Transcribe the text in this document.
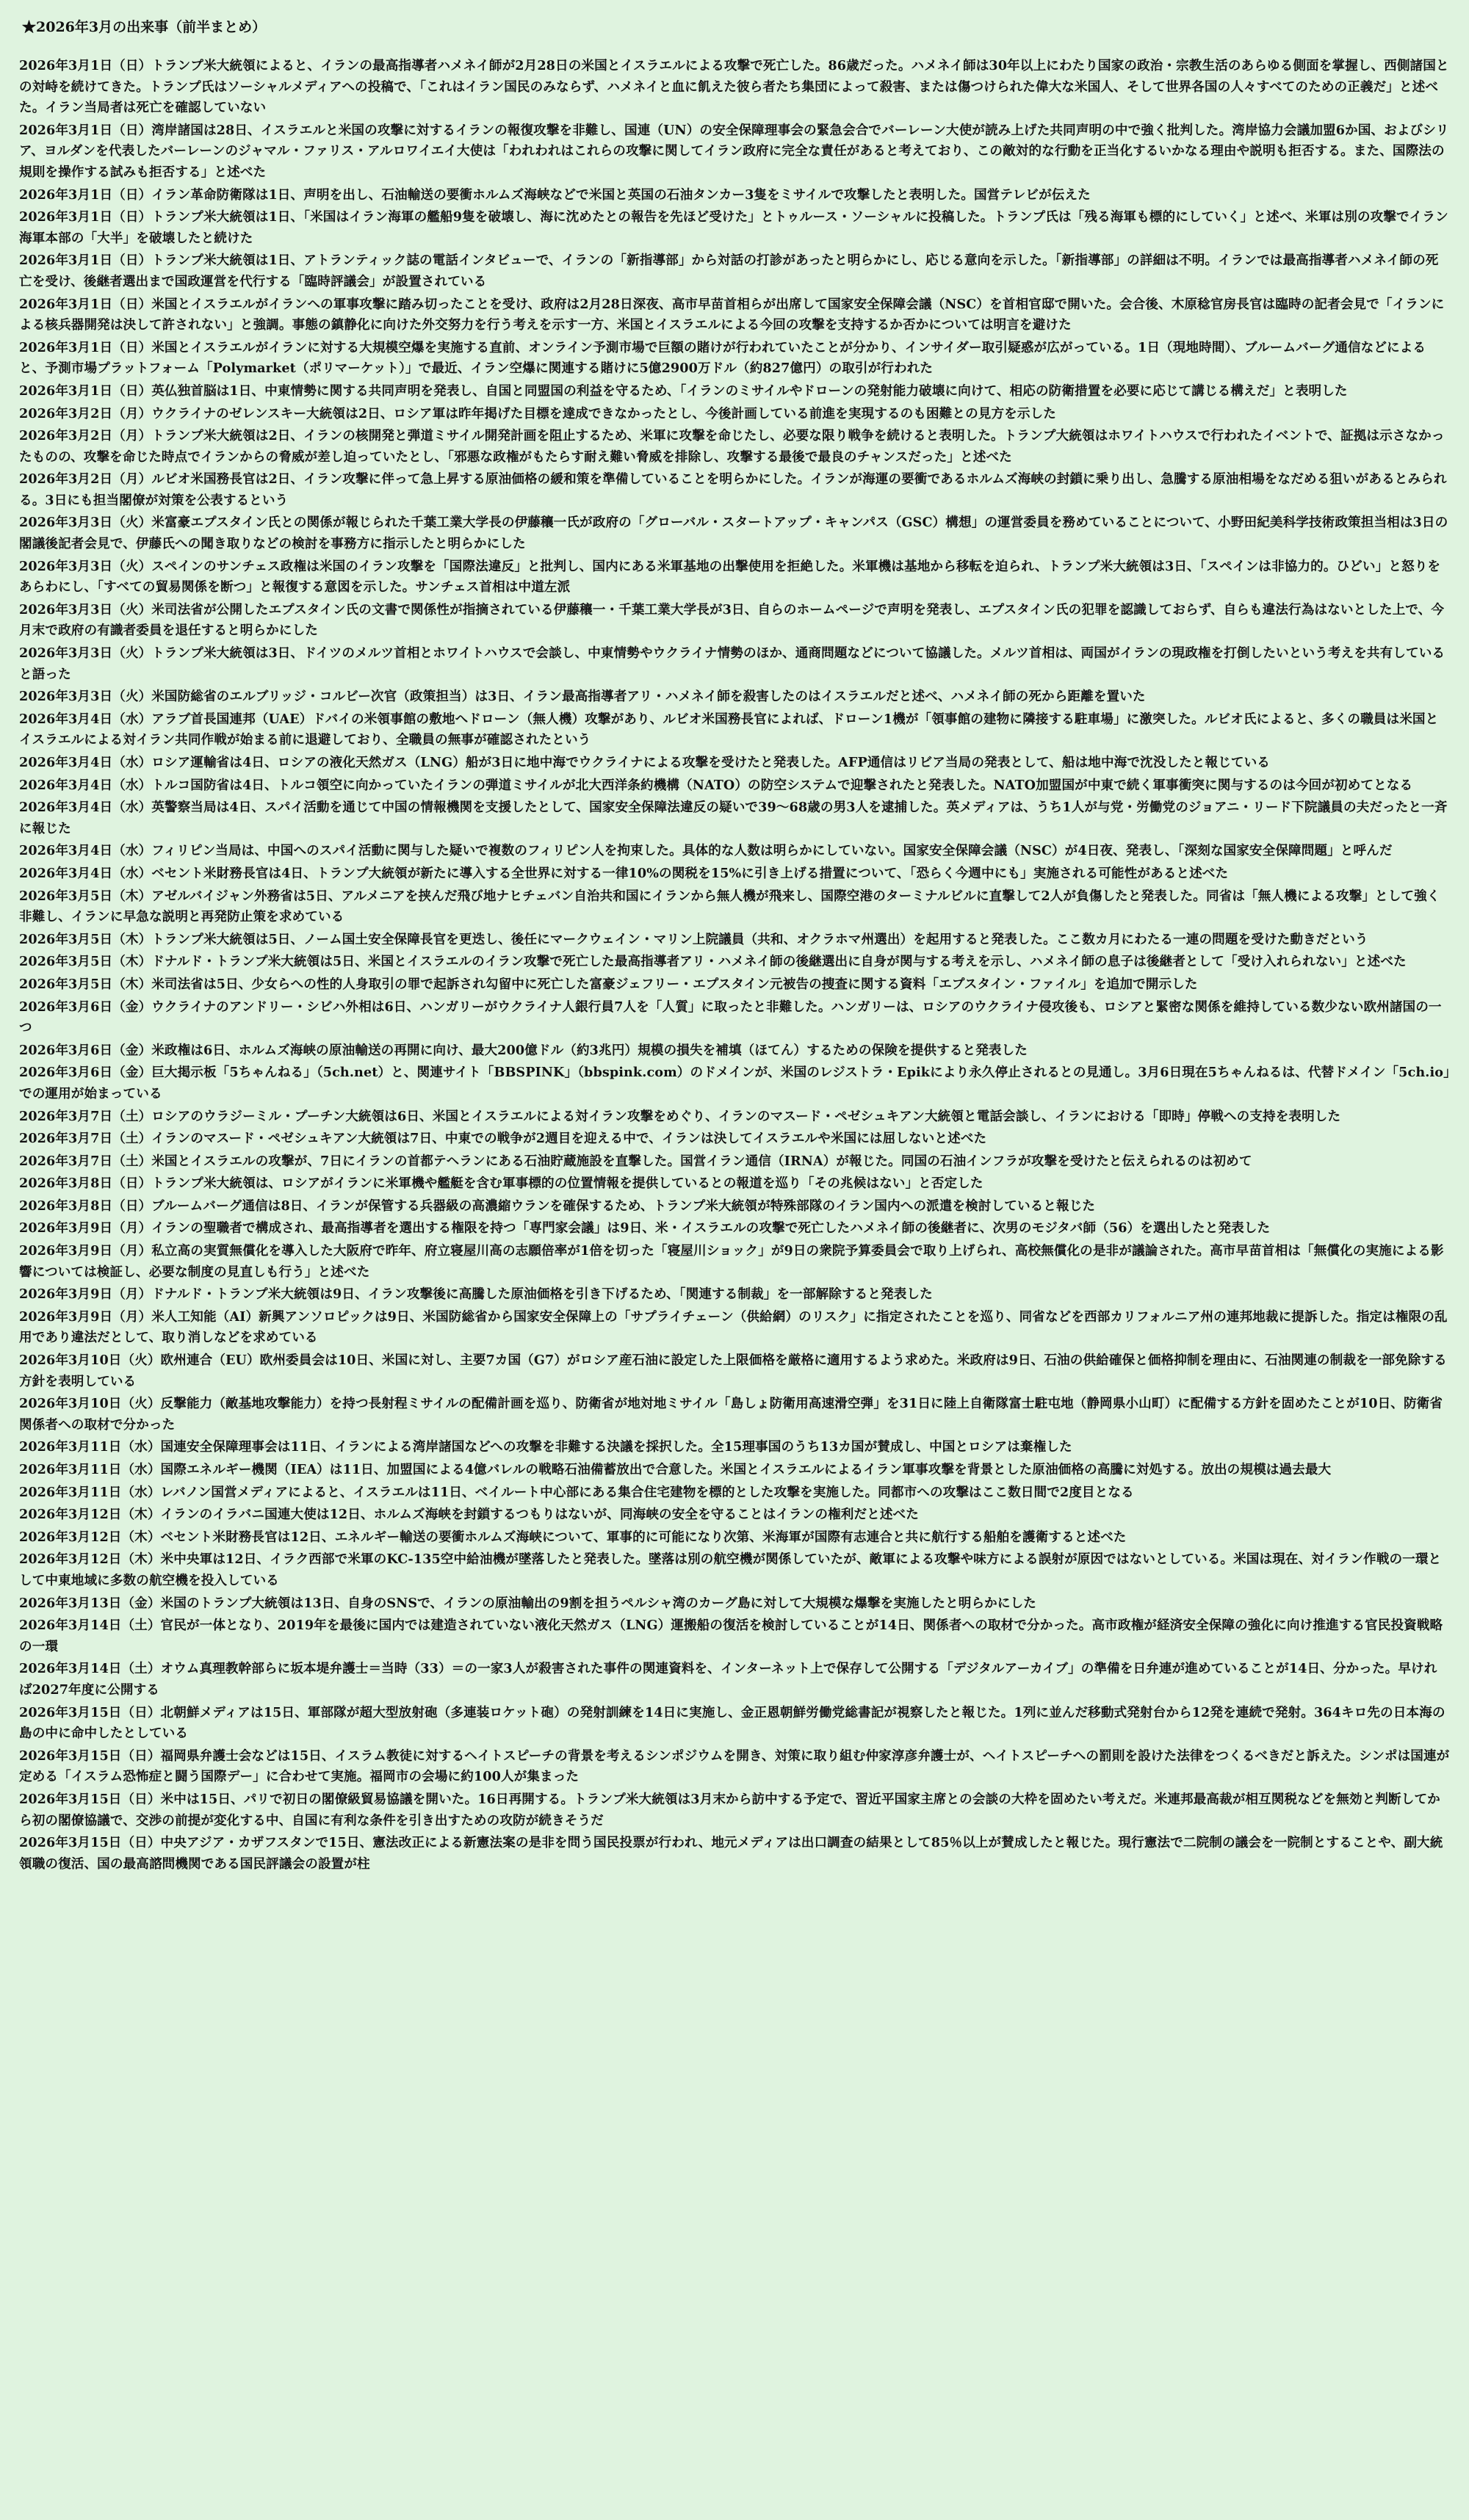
★2026年3月の出来事（前半まとめ）
2026年3月1日（日）トランプ米大統領によると、イランの最高指導者ハメネイ師が2月28日の米国とイスラエルによる攻撃で死亡した。86歳だった。ハメネイ師は30年以上にわたり国家の政治・宗教生活のあらゆる側面を掌握し、西側諸国との対峙を続けてきた。トランプ氏はソーシャルメディアへの投稿で、「これはイラン国民のみならず、ハメネイと血に飢えた彼ら者たち集団によって殺害、または傷つけられた偉大な米国人、そして世界各国の人々すべてのための正義だ」と述べた。イラン当局者は死亡を確認していない
2026年3月1日（日）湾岸諸国は28日、イスラエルと米国の攻撃に対するイランの報復攻撃を非難し、国連（UN）の安全保障理事会の緊急会合でバーレーン大使が読み上げた共同声明の中で強く批判した。湾岸協力会議加盟6か国、およびシリア、ヨルダンを代表したバーレーンのジャマル・ファリス・アルロワイエイ大使は「われわれはこれらの攻撃に関してイラン政府に完全な責任があると考えており、この敵対的な行動を正当化するいかなる理由や説明も拒否する。また、国際法の規則を操作する試みも拒否する」と述べた
2026年3月1日（日）イラン革命防衛隊は1日、声明を出し、石油輸送の要衝ホルムズ海峡などで米国と英国の石油タンカー3隻をミサイルで攻撃したと表明した。国営テレビが伝えた
2026年3月1日（日）トランプ米大統領は1日、「米国はイラン海軍の艦船9隻を破壊し、海に沈めたとの報告を先ほど受けた」とトゥルース・ソーシャルに投稿した。トランプ氏は「残る海軍も標的にしていく」と述べ、米軍は別の攻撃でイラン海軍本部の「大半」を破壊したと続けた
2026年3月1日（日）トランプ米大統領は1日、アトランティック誌の電話インタビューで、イランの「新指導部」から対話の打診があったと明らかにし、応じる意向を示した。「新指導部」の詳細は不明。イランでは最高指導者ハメネイ師の死亡を受け、後継者選出まで国政運営を代行する「臨時評議会」が設置されている
2026年3月1日（日）米国とイスラエルがイランへの軍事攻撃に踏み切ったことを受け、政府は2月28日深夜、高市早苗首相らが出席して国家安全保障会議（NSC）を首相官邸で開いた。会合後、木原稔官房長官は臨時の記者会見で「イランによる核兵器開発は決して許されない」と強調。事態の鎮静化に向けた外交努力を行う考えを示す一方、米国とイスラエルによる今回の攻撃を支持するか否かについては明言を避けた
2026年3月1日（日）米国とイスラエルがイランに対する大規模空爆を実施する直前、オンライン予測市場で巨額の賭けが行われていたことが分かり、インサイダー取引疑惑が広がっている。1日（現地時間）、ブルームバーグ通信などによると、予測市場プラットフォーム「Polymarket（ポリマーケット）」で最近、イラン空爆に関連する賭けに5億2900万ドル（約827億円）の取引が行われた
2026年3月1日（日）英仏独首脳は1日、中東情勢に関する共同声明を発表し、自国と同盟国の利益を守るため、「イランのミサイルやドローンの発射能力破壊に向けて、相応の防衛措置を必要に応じて講じる構えだ」と表明した
2026年3月2日（月）ウクライナのゼレンスキー大統領は2日、ロシア軍は昨年掲げた目標を達成できなかったとし、今後計画している前進を実現するのも困難との見方を示した
2026年3月2日（月）トランプ米大統領は2日、イランの核開発と弾道ミサイル開発計画を阻止するため、米軍に攻撃を命じたし、必要な限り戦争を続けると表明した。トランプ大統領はホワイトハウスで行われたイベントで、証拠は示さなかったものの、攻撃を命じた時点でイランからの脅威が差し迫っていたとし、「邪悪な政権がもたらす耐え難い脅威を排除し、攻撃する最後で最良のチャンスだった」と述べた
2026年3月2日（月）ルビオ米国務長官は2日、イラン攻撃に伴って急上昇する原油価格の緩和策を準備していることを明らかにした。イランが海運の要衝であるホルムズ海峡の封鎖に乗り出し、急騰する原油相場をなだめる狙いがあるとみられる。3日にも担当閣僚が対策を公表するという
2026年3月3日（火）米富豪エプスタイン氏との関係が報じられた千葉工業大学長の伊藤穰一氏が政府の「グローバル・スタートアップ・キャンパス（GSC）構想」の運営委員を務めていることについて、小野田紀美科学技術政策担当相は3日の閣議後記者会見で、伊藤氏への聞き取りなどの検討を事務方に指示したと明らかにした
2026年3月3日（火）スペインのサンチェス政権は米国のイラン攻撃を「国際法違反」と批判し、国内にある米軍基地の出撃使用を拒絶した。米軍機は基地から移転を迫られ、トランプ米大統領は3日、「スペインは非協力的。ひどい」と怒りをあらわにし、「すべての貿易関係を断つ」と報復する意図を示した。サンチェス首相は中道左派
2026年3月3日（火）米司法省が公開したエプスタイン氏の文書で関係性が指摘されている伊藤穰一・千葉工業大学長が3日、自らのホームページで声明を発表し、エプスタイン氏の犯罪を認識しておらず、自らも違法行為はないとした上で、今月末で政府の有識者委員を退任すると明らかにした
2026年3月3日（火）トランプ米大統領は3日、ドイツのメルツ首相とホワイトハウスで会談し、中東情勢やウクライナ情勢のほか、通商問題などについて協議した。メルツ首相は、両国がイランの現政権を打倒したいという考えを共有していると語った
2026年3月3日（火）米国防総省のエルブリッジ・コルビー次官（政策担当）は3日、イラン最高指導者アリ・ハメネイ師を殺害したのはイスラエルだと述べ、ハメネイ師の死から距離を置いた
2026年3月4日（水）アラブ首長国連邦（UAE）ドバイの米領事館の敷地へドローン（無人機）攻撃があり、ルビオ米国務長官によれば、ドローン1機が「領事館の建物に隣接する駐車場」に激突した。ルビオ氏によると、多くの職員は米国とイスラエルによる対イラン共同作戦が始まる前に退避しており、全職員の無事が確認されたという
2026年3月4日（水）ロシア運輸省は4日、ロシアの液化天然ガス（LNG）船が3日に地中海でウクライナによる攻撃を受けたと発表した。AFP通信はリビア当局の発表として、船は地中海で沈没したと報じている
2026年3月4日（水）トルコ国防省は4日、トルコ領空に向かっていたイランの弾道ミサイルが北大西洋条約機構（NATO）の防空システムで迎撃されたと発表した。NATO加盟国が中東で続く軍事衝突に関与するのは今回が初めてとなる
2026年3月4日（水）英警察当局は4日、スパイ活動を通じて中国の情報機関を支援したとして、国家安全保障法違反の疑いで39～68歳の男3人を逮捕した。英メディアは、うち1人が与党・労働党のジョアニ・リード下院議員の夫だったと一斉に報じた
2026年3月4日（水）フィリピン当局は、中国へのスパイ活動に関与した疑いで複数のフィリピン人を拘束した。具体的な人数は明らかにしていない。国家安全保障会議（NSC）が4日夜、発表し、「深刻な国家安全保障問題」と呼んだ
2026年3月4日（水）ベセント米財務長官は4日、トランプ大統領が新たに導入する全世界に対する一律10%の関税を15%に引き上げる措置について、「恐らく今週中にも」実施される可能性があると述べた
2026年3月5日（木）アゼルバイジャン外務省は5日、アルメニアを挟んだ飛び地ナヒチェバン自治共和国にイランから無人機が飛来し、国際空港のターミナルビルに直撃して2人が負傷したと発表した。同省は「無人機による攻撃」として強く非難し、イランに早急な説明と再発防止策を求めている
2026年3月5日（木）トランプ米大統領は5日、ノーム国土安全保障長官を更迭し、後任にマークウェイン・マリン上院議員（共和、オクラホマ州選出）を起用すると発表した。ここ数カ月にわたる一連の問題を受けた動きだという
2026年3月5日（木）ドナルド・トランプ米大統領は5日、米国とイスラエルのイラン攻撃で死亡した最高指導者アリ・ハメネイ師の後継選出に自身が関与する考えを示し、ハメネイ師の息子は後継者として「受け入れられない」と述べた
2026年3月5日（木）米司法省は5日、少女らへの性的人身取引の罪で起訴され勾留中に死亡した富豪ジェフリー・エプスタイン元被告の捜査に関する資料「エプスタイン・ファイル」を追加で開示した
2026年3月6日（金）ウクライナのアンドリー・シビハ外相は6日、ハンガリーがウクライナ人銀行員7人を「人質」に取ったと非難した。ハンガリーは、ロシアのウクライナ侵攻後も、ロシアと緊密な関係を維持している数少ない欧州諸国の一つ
2026年3月6日（金）米政権は6日、ホルムズ海峡の原油輸送の再開に向け、最大200億ドル（約3兆円）規模の損失を補填（ほてん）するための保険を提供すると発表した
2026年3月6日（金）巨大掲示板「5ちゃんねる」（5ch.net）と、関連サイト「BBSPINK」（bbspink.com）のドメインが、米国のレジストラ・Epikにより永久停止されるとの見通し。3月6日現在5ちゃんねるは、代替ドメイン「5ch.io」での運用が始まっている
2026年3月7日（土）ロシアのウラジーミル・プーチン大統領は6日、米国とイスラエルによる対イラン攻撃をめぐり、イランのマスード・ペゼシュキアン大統領と電話会談し、イランにおける「即時」停戦への支持を表明した
2026年3月7日（土）イランのマスード・ペゼシュキアン大統領は7日、中東での戦争が2週目を迎える中で、イランは決してイスラエルや米国には屈しないと述べた
2026年3月7日（土）米国とイスラエルの攻撃が、7日にイランの首都テヘランにある石油貯蔵施設を直撃した。国営イラン通信（IRNA）が報じた。同国の石油インフラが攻撃を受けたと伝えられるのは初めて
2026年3月8日（日）トランプ米大統領は、ロシアがイランに米軍機や艦艇を含む軍事標的の位置情報を提供しているとの報道を巡り「その兆候はない」と否定した
2026年3月8日（日）ブルームバーグ通信は8日、イランが保管する兵器級の高濃縮ウランを確保するため、トランプ米大統領が特殊部隊のイラン国内への派遣を検討していると報じた
2026年3月9日（月）イランの聖職者で構成され、最高指導者を選出する権限を持つ「専門家会議」は9日、米・イスラエルの攻撃で死亡したハメネイ師の後継者に、次男のモジタバ師（56）を選出したと発表した
2026年3月9日（月）私立高の実質無償化を導入した大阪府で昨年、府立寝屋川高の志願倍率が1倍を切った「寝屋川ショック」が9日の衆院予算委員会で取り上げられ、高校無償化の是非が議論された。高市早苗首相は「無償化の実施による影響については検証し、必要な制度の見直しも行う」と述べた
2026年3月9日（月）ドナルド・トランプ米大統領は9日、イラン攻撃後に高騰した原油価格を引き下げるため、「関連する制裁」を一部解除すると発表した
2026年3月9日（月）米人工知能（AI）新興アンソロピックは9日、米国防総省から国家安全保障上の「サプライチェーン（供給網）のリスク」に指定されたことを巡り、同省などを西部カリフォルニア州の連邦地裁に提訴した。指定は権限の乱用であり違法だとして、取り消しなどを求めている
2026年3月10日（火）欧州連合（EU）欧州委員会は10日、米国に対し、主要7カ国（G7）がロシア産石油に設定した上限価格を厳格に適用するよう求めた。米政府は9日、石油の供給確保と価格抑制を理由に、石油関連の制裁を一部免除する方針を表明している
2026年3月10日（火）反撃能力（敵基地攻撃能力）を持つ長射程ミサイルの配備計画を巡り、防衛省が地対地ミサイル「島しょ防衛用高速滑空弾」を31日に陸上自衛隊富士駐屯地（静岡県小山町）に配備する方針を固めたことが10日、防衛省関係者への取材で分かった
2026年3月11日（水）国連安全保障理事会は11日、イランによる湾岸諸国などへの攻撃を非難する決議を採択した。全15理事国のうち13カ国が賛成し、中国とロシアは棄権した
2026年3月11日（水）国際エネルギー機関（IEA）は11日、加盟国による4億バレルの戦略石油備蓄放出で合意した。米国とイスラエルによるイラン軍事攻撃を背景とした原油価格の高騰に対処する。放出の規模は過去最大
2026年3月11日（水）レバノン国営メディアによると、イスラエルは11日、ベイルート中心部にある集合住宅建物を標的とした攻撃を実施した。同都市への攻撃はここ数日間で2度目となる
2026年3月12日（木）イランのイラバニ国連大使は12日、ホルムズ海峡を封鎖するつもりはないが、同海峡の安全を守ることはイランの権利だと述べた
2026年3月12日（木）ベセント米財務長官は12日、エネルギー輸送の要衝ホルムズ海峡について、軍事的に可能になり次第、米海軍が国際有志連合と共に航行する船舶を護衛すると述べた
2026年3月12日（木）米中央軍は12日、イラク西部で米軍のKC-135空中給油機が墜落したと発表した。墜落は別の航空機が関係していたが、敵軍による攻撃や味方による誤射が原因ではないとしている。米国は現在、対イラン作戦の一環として中東地域に多数の航空機を投入している
2026年3月13日（金）米国のトランプ大統領は13日、自身のSNSで、イランの原油輸出の9割を担うペルシャ湾のカーグ島に対して大規模な爆撃を実施したと明らかにした
2026年3月14日（土）官民が一体となり、2019年を最後に国内では建造されていない液化天然ガス（LNG）運搬船の復活を検討していることが14日、関係者への取材で分かった。高市政権が経済安全保障の強化に向け推進する官民投資戦略の一環
2026年3月14日（土）オウム真理教幹部らに坂本堤弁護士＝当時（33）＝の一家3人が殺害された事件の関連資料を、インターネット上で保存して公開する「デジタルアーカイブ」の準備を日弁連が進めていることが14日、分かった。早ければ2027年度に公開する
2026年3月15日（日）北朝鮮メディアは15日、軍部隊が超大型放射砲（多連装ロケット砲）の発射訓練を14日に実施し、金正恩朝鮮労働党総書記が視察したと報じた。1列に並んだ移動式発射台から12発を連続で発射。364キロ先の日本海の島の中に命中したとしている
2026年3月15日（日）福岡県弁護士会などは15日、イスラム教徒に対するヘイトスピーチの背景を考えるシンポジウムを開き、対策に取り組む仲家淳彦弁護士が、ヘイトスピーチへの罰則を設けた法律をつくるべきだと訴えた。シンポは国連が定める「イスラム恐怖症と闘う国際デー」に合わせて実施。福岡市の会場に約100人が集まった
2026年3月15日（日）米中は15日、パリで初日の閣僚級貿易協議を開いた。16日再開する。トランプ米大統領は3月末から訪中する予定で、習近平国家主席との会談の大枠を固めたい考えだ。米連邦最高裁が相互関税などを無効と判断してから初の閣僚協議で、交渉の前提が変化する中、自国に有利な条件を引き出すための攻防が続きそうだ
2026年3月15日（日）中央アジア・カザフスタンで15日、憲法改正による新憲法案の是非を問う国民投票が行われ、地元メディアは出口調査の結果として85％以上が賛成したと報じた。現行憲法で二院制の議会を一院制とすることや、副大統領職の復活、国の最高諮問機関である国民評議会の設置が柱
